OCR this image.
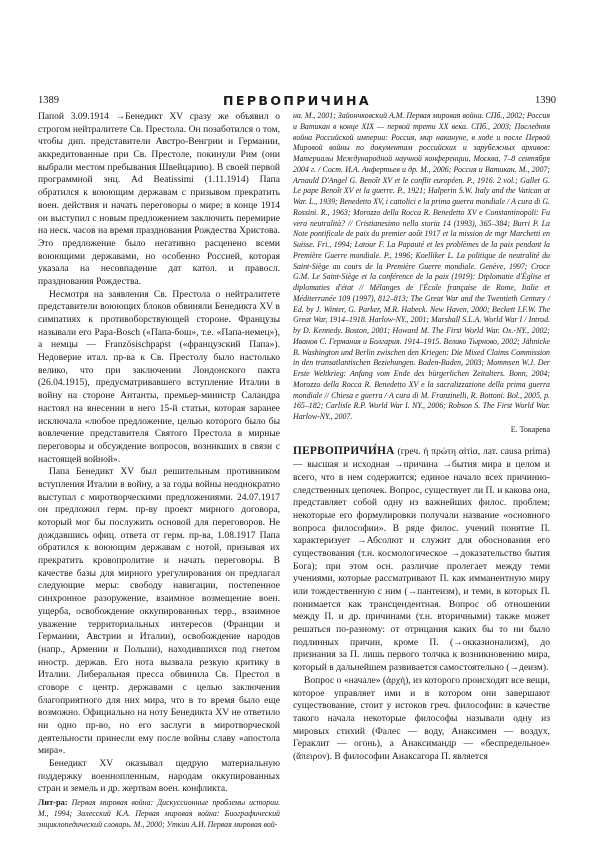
1389	ПЕРВОПРИЧИНА	1390

Папой 3.09.1914 →Бенедикт XV сразу же объявил о строгом нейтралитете Св. Престола. Он позаботился о том, чтобы дип. представители Австро-Венгрии и Германии, аккредитованные при Св. Престоле, покинули Рим (они выбрали местом пребывания Швейцарию). В своей первой программной энц. Ad Beatissimi (1.11.1914) Папа обратился к воюющим державам с призывом прекратить воен. действия и начать переговоры о мире; в конце 1914 он выступил с новым предложением заключить перемирие на неск. часов на время празднования Рождества Христова. Это предложение было негативно расценено всеми воюющими державами, но особенно Россией, которая указала на несовпадение дат катол. и правосл. празднования Рождества.

Несмотря на заявления Св. Престола о нейтралитете представители воюющих блоков обвиняли Бенедикта XV в симпатиях к противоборствующей стороне. Французы называли его Papa-Bosch («Папа-бош», т.е. «Папа-немец»), а немцы — Französischpapst («французский Папа»). Недоверие итал. пр-ва к Св. Престолу было настолько велико, что при заключении Лондонского пакта (26.04.1915), предусматривавшего вступление Италии в войну на стороне Антанты, премьер-министр Саландра настоял на внесении в него 15-й статьи, которая заранее исключала «любое предложение, целью которого было бы вовлечение представителя Святого Престола в мирные переговоры и обсуждение вопросов, возникших в связи с настоящей войной».

Папа Бенедикт XV был решительным противником вступления Италии в войну, а за годы войны неоднократно выступал с миротворческими предложениями. 24.07.1917 он предложил герм. пр-ву проект мирного договора, который мог бы послужить основой для переговоров. Не дождавшись офиц. ответа от герм. пр-ва, 1.08.1917 Папа обратился к воюющим державам с нотой, призывая их прекратить кровопролитие и начать переговоры. В качестве базы для мирного урегулирования он предлагал следующие меры: свободу навигации, постепенное синхронное разоружение, взаимное возмещение воен. ущерба, освобождение оккупированных терр., взаимное уважение территориальных интересов (Франции и Германии, Австрии и Италии), освобождение народов (напр., Армении и Польши), находившихся под гнетом иностр. держав. Его нота вызвала резкую критику в Италии. Либеральная пресса обвинила Св. Престол в сговоре с центр. державами с целью заключения благоприятного для них мира, что в то время было еще возможно. Официально на ноту Бенедикта XV не ответило ни одно пр-во, но его заслуги в миротворческой деятельности принесли ему после войны славу «апостола мира».

Бенедикт XV оказывал щедрую материальную поддержку военнопленным, народам оккупированных стран и земель и др. жертвам воен. конфликта.

Лит-ра: Первая мировая война: Дискуссионные проблемы истории. М., 1994; Залесский К.А. Первая мировая война: Биографический энциклопедический словарь. М., 2000; Уткин А.И. Первая мировая вой-

на. М., 2001; Зайончковский А.М. Первая мировая война. СПб., 2002; Россия и Ватикан в конце XIX — первой трети XX века. СПб., 2003; Последняя война Российской империи: Россия, мир накануне, в ходе и после Первой Мировой войны по документам российских и зарубежных архивов: Материалы Международной научной конференции, Москва, 7–8 сентября 2004 г. / Сост. И.А. Анфертьев и др. М., 2006; Россия и Ватикан. М., 2007; Arnauld D'Angel G. Benoît XV et le conflit européen. P., 1916. 2 vol.; Gallet G. Le pape Benoît XV et la guerre. P., 1921; Halperin S.W. Italy and the Vatican at War. L., 1939; Benedetto XV, i cattolici e la prima guerra mondiale / A cura di G. Rossini. R., 1963; Morozzo della Rocca R. Benedetto XV e Constantinopoli: Fu vera neutralità? // Cristianesimo nella storia 14 (1993), 365–384; Burri P. La Note pontificale de paix du premier août 1917 et la mission de mgr Marchetti en Suisse. Fri., 1994; Latour F. La Papauté et les problèmes de la paix pendant la Première Guerre mondiale. P., 1996; Koelliker L. La politique de neutralité du Saint-Siège au cours de la Première Guerre mondiale. Genève, 1997; Croce G.M. Le Saint-Siège et la conférence de la paix (1919): Diplomatie d'Église et diplomaties d'état // Mélanges de l'École française de Rome, Italie et Méditerranée 109 (1997), 812–813; The Great War and the Twentieth Century / Ed. by J. Winter, G. Parker, M.R. Habeck. New Haven, 2000; Beckett I.F.W. The Great War, 1914–1918. Harlow-NY., 2001; Marshall S.L.A. World War I / Introd. by D. Kennedy. Boston, 2001; Howard M. The First World War. Ox.-NY., 2002; Иванов С. Германия и Болгария. 1914–1915. Велико Тырново, 2002; Jähnicke B. Washington und Berlin zwischen den Kriegen: Die Mixed Claims Commission in den transatlantischen Beziehungen. Baden-Baden, 2003; Mommsen W.J. Der Erste Weltkrieg: Anfang vom Ende des bürgerlichen Zeitalters. Bonn, 2004; Morozzo della Rocca R. Benedetto XV e la sacralizzazione della prima guerra mondiale // Chiesa e guerra / A cura di M. Franzinelli, R. Bottoni. Bol., 2005, p. 165–182; Carlisle R.P. World War I. NY., 2006; Robson S. The First World War. Harlow-NY., 2007.

Е. Токарева

ПЕРВОПРИЧИ́НА (греч. ἡ πρώτη αἰτία, лат. causa prima) — высшая и исходная →причина →бытия мира в целом и всего, что в нем содержится; единое начало всех причинно-следственных цепочек. Вопрос, существует ли П. и какова она, представляет собой одну из важнейших филос. проблем; некоторые его формулировки получали название «основного вопроса философии». В ряде филос. учений понятие П. характеризует →Абсолют и служит для обоснования его существования (т.н. космологическое →доказательство бытия Бога); при этом осн. различие пролегает между теми учениями, которые рассматривают П. как имманентную миру или тождественную с ним (→пантеизм), и теми, в которых П. понимается как трансцендентная. Вопрос об отношении между П. и др. причинами (т.н. вторичными) также может решаться по-разному: от отрицания каких бы то ни было подлинных причин, кроме П. (→окказионализм), до признания за П. лишь первого толчка к возникновению мира, который в дальнейшем развивается самостоятельно (→деизм).

Вопрос о «начале» (ἀρχή), из которого происходят все вещи, которое управляет ими и в котором они завершают существование, стоит у истоков греч. философии: в качестве такого начала некоторые философы называли одну из мировых стихий (Фалес — воду, Анаксимен — воздух, Гераклит — огонь), а Анаксимандр — «беспредельное» (ἄπειρον). В философии Анаксагора П. является
